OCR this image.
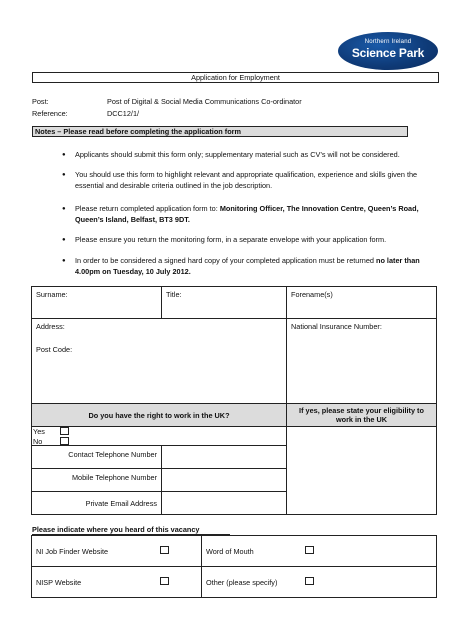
Northern Ireland
Science Park
Application for Employment
Post:	Post of Digital & Social Media Communications Co-ordinator
Reference:	DCC12/1/
Notes – Please read before completing the application form
● Applicants should submit this form only; supplementary material such as CV’s will not be considered.
● You should use this form to highlight relevant and appropriate qualification, experience and skills given the essential and desirable criteria outlined in the job description.
● Please return completed application form to: Monitoring Officer, The Innovation Centre, Queen’s Road, Queen’s Island, Belfast, BT3 9DT.
● Please ensure you return the monitoring form, in a separate envelope with your application form.
● In order to be considered a signed hard copy of your completed application must be returned no later than 4.00pm on Tuesday, 10 July 2012.
Surname:	Title:	Forename(s)
Address:
Post Code:
National Insurance Number:
Do you have the right to work in the UK?
If yes, please state your eligibility to work in the UK
Yes
No
Contact Telephone Number
Mobile Telephone Number
Private Email Address
Please indicate where you heard of this vacancy
NI Job Finder Website	Word of Mouth
NISP Website	Other (please specify)
